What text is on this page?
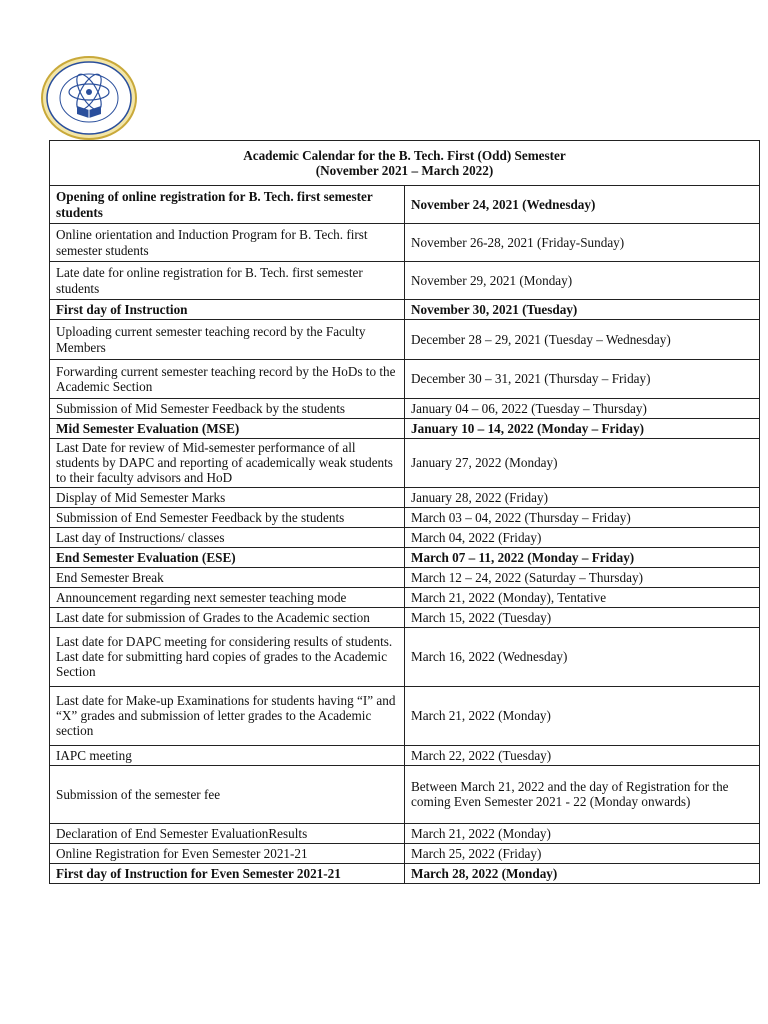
Academic Calendar for the B. Tech. First (Odd) Semester
(November 2021 – March 2022)	

Opening of online registration for B. Tech. first semester students	November 24, 2021 (Wednesday)
Online orientation and Induction Program for B. Tech. first semester students	November 26-28, 2021 (Friday-Sunday)
Late date for online registration for B. Tech. first semester students	November 29, 2021 (Monday)
First day of Instruction	November 30, 2021 (Tuesday)
Uploading current semester teaching record by the Faculty Members	December 28 – 29, 2021 (Tuesday – Wednesday)
Forwarding current semester teaching record by the HoDs to the Academic Section	December 30 – 31, 2021 (Thursday – Friday)
Submission of Mid Semester Feedback by the students	January 04 – 06, 2022 (Tuesday – Thursday)
Mid Semester Evaluation (MSE)	January 10 – 14, 2022 (Monday – Friday)
Last Date for review of Mid-semester performance of all students by DAPC and reporting of academically weak students to their faculty advisors and HoD	January 27, 2022 (Monday)
Display of Mid Semester Marks	January 28, 2022 (Friday)
Submission of End Semester Feedback by the students	March 03 – 04, 2022 (Thursday – Friday)
Last day of Instructions/ classes	March 04, 2022 (Friday)
End Semester Evaluation (ESE)	March 07 – 11, 2022 (Monday – Friday)
End Semester Break	March 12 – 24, 2022 (Saturday – Thursday)
Announcement regarding next semester teaching mode	March 21, 2022 (Monday), Tentative
Last date for submission of Grades to the Academic section	March 15, 2022 (Tuesday)
Last date for DAPC meeting for considering results of students. Last date for submitting hard copies of grades to the Academic Section	March 16, 2022 (Wednesday)
Last date for Make-up Examinations for students having “I” and “X” grades and submission of letter grades to the Academic section	March 21, 2022 (Monday)
IAPC meeting	March 22, 2022 (Tuesday)
Submission of the semester fee	Between March 21, 2022 and the day of Registration for the coming Even Semester 2021 - 22 (Monday onwards)
Declaration of End Semester EvaluationResults	March 21, 2022 (Monday)
Online Registration for Even Semester 2021-21	March 25, 2022 (Friday)
First day of Instruction for Even Semester 2021-21	March 28, 2022 (Monday)
